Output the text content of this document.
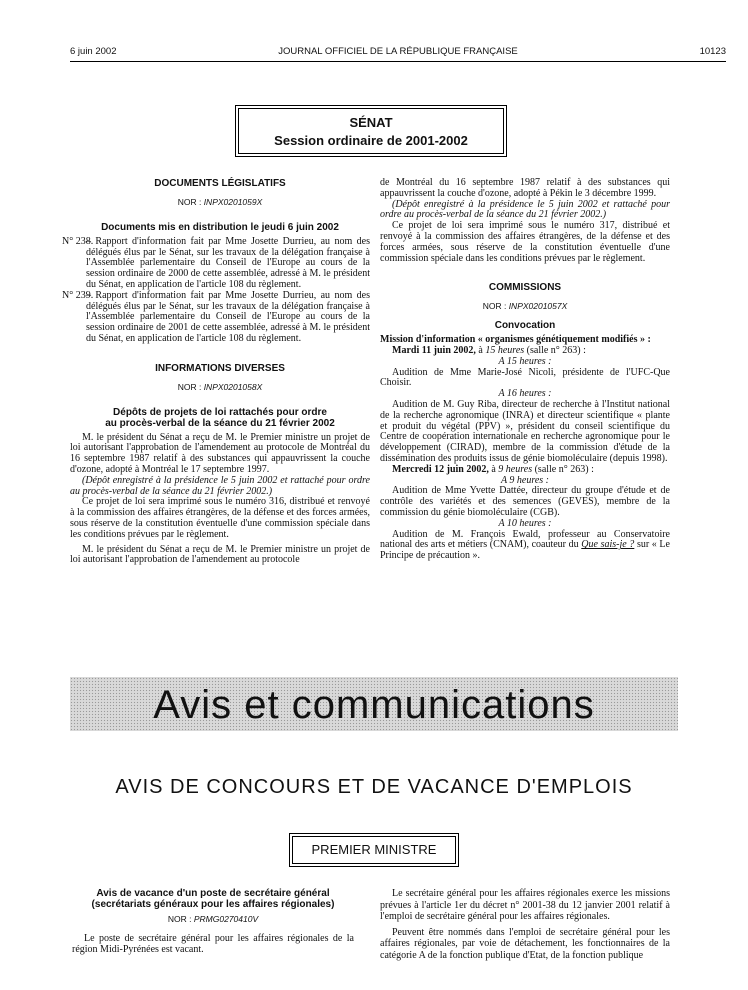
6 juin 2002	JOURNAL OFFICIEL DE LA RÉPUBLIQUE FRANÇAISE	10123
SÉNAT
Session ordinaire de 2001-2002
DOCUMENTS LÉGISLATIFS
NOR : INPX0201059X
Documents mis en distribution le jeudi 6 juin 2002
N° 238.
– Rapport d'information fait par Mme Josette Durrieu, au nom des délégués élus par le Sénat, sur les travaux de la délégation française à l'Assemblée parlementaire du Conseil de l'Europe au cours de la session ordinaire de 2000 de cette assemblée, adressé à M. le président du Sénat, en application de l'article 108 du règlement.
N° 239.
– Rapport d'information fait par Mme Josette Durrieu, au nom des délégués élus par le Sénat, sur les travaux de la délégation française à l'Assemblée parlementaire du Conseil de l'Europe au cours de la session ordinaire de 2001 de cette assemblée, adressé à M. le président du Sénat, en application de l'article 108 du règlement.
INFORMATIONS DIVERSES
NOR : INPX0201058X
Dépôts de projets de loi rattachés pour ordre
au procès-verbal de la séance du 21 février 2002

M. le président du Sénat a reçu de M. le Premier ministre un projet de loi autorisant l'approbation de l'amendement au protocole de Montréal du 16 septembre 1987 relatif à des substances qui appauvrissent la couche d'ozone, adopté à Montréal le 17 septembre 1997.

(Dépôt enregistré à la présidence le 5 juin 2002 et rattaché pour ordre au procès-verbal de la séance du 21 février 2002.)

Ce projet de loi sera imprimé sous le numéro 316, distribué et renvoyé à la commission des affaires étrangères, de la défense et des forces armées, sous réserve de la constitution éventuelle d'une commission spéciale dans les conditions prévues par le règlement.

M. le président du Sénat a reçu de M. le Premier ministre un projet de loi autorisant l'approbation de l'amendement au protocole

de Montréal du 16 septembre 1987 relatif à des substances qui appauvrissent la couche d'ozone, adopté à Pékin le 3 décembre 1999.

(Dépôt enregistré à la présidence le 5 juin 2002 et rattaché pour ordre au procès-verbal de la séance du 21 février 2002.)

Ce projet de loi sera imprimé sous le numéro 317, distribué et renvoyé à la commission des affaires étrangères, de la défense et des forces armées, sous réserve de la constitution éventuelle d'une commission spéciale dans les conditions prévues par le règlement.

COMMISSIONS
NOR : INPX0201057X
Convocation
Mission d'information « organismes génétiquement modifiés » :
Mardi 11 juin 2002, à 15 heures (salle n° 263) :
A 15 heures :

Audition de Mme Marie-José Nicoli, présidente de l'UFC-Que Choisir.

A 16 heures :

Audition de M. Guy Riba, directeur de recherche à l'Institut national de la recherche agronomique (INRA) et directeur scientifique « plante et produit du végétal (PPV) », président du conseil scientifique du Centre de coopération internationale en recherche agronomique pour le développement (CIRAD), membre de la commission d'étude de la dissémination des produits issus de génie biomoléculaire (depuis 1998).

Mercredi 12 juin 2002, à 9 heures (salle n° 263) :
A 9 heures :

Audition de Mme Yvette Dattée, directeur du groupe d'étude et de contrôle des variétés et des semences (GEVES), membre de la commission du génie biomoléculaire (CGB).

A 10 heures :

Audition de M. François Ewald, professeur au Conservatoire national des arts et métiers (CNAM), coauteur du Que sais-je ? sur « Le Principe de précaution ».

Avis et communications
AVIS DE CONCOURS ET DE VACANCE D'EMPLOIS
PREMIER MINISTRE
Avis de vacance d'un poste de secrétaire général
(secrétariats généraux pour les affaires régionales)
NOR : PRMG0270410V

Le poste de secrétaire général pour les affaires régionales de la région Midi-Pyrénées est vacant.

Le secrétaire général pour les affaires régionales exerce les missions prévues à l'article 1er du décret n° 2001-38 du 12 janvier 2001 relatif à l'emploi de secrétaire général pour les affaires régionales.

Peuvent être nommés dans l'emploi de secrétaire général pour les affaires régionales, par voie de détachement, les fonctionnaires de la catégorie A de la fonction publique d'Etat, de la fonction publique
